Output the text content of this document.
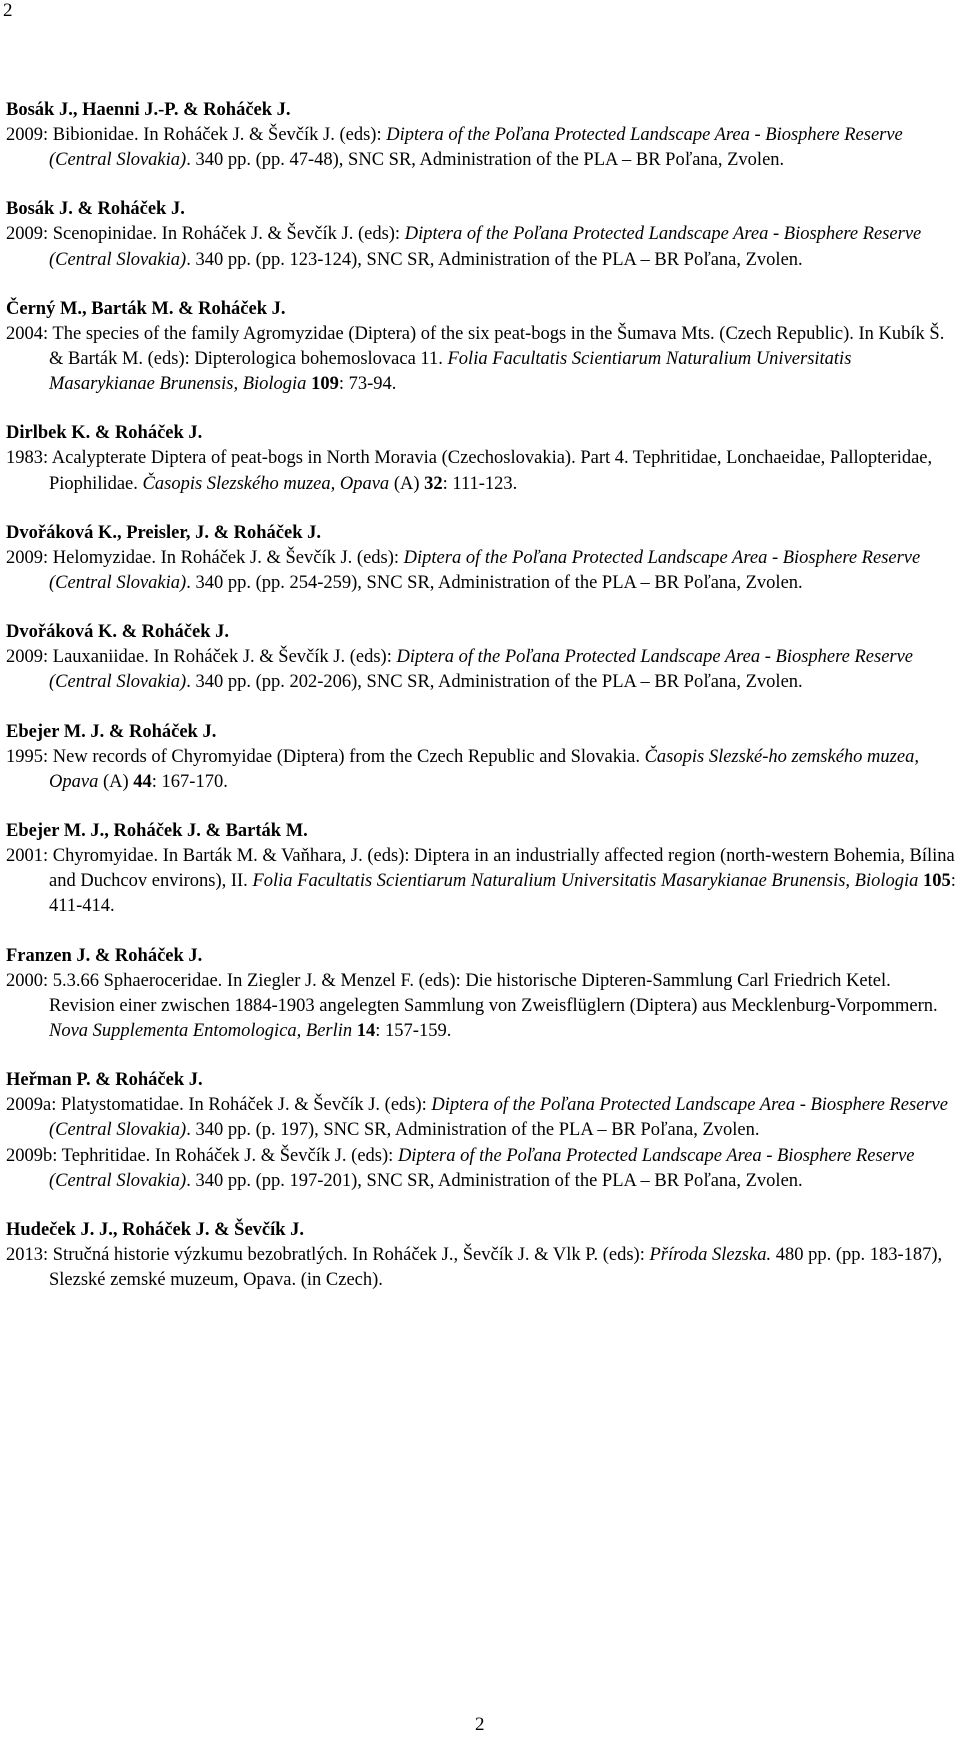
2
Bosák J., Haenni J.-P. & Roháček J.
2009: Bibionidae. In Roháček J. & Ševčík J. (eds): Diptera of the Poľana Protected Landscape Area - Biosphere Reserve (Central Slovakia). 340 pp. (pp. 47-48), SNC SR, Administration of the PLA – BR Poľana, Zvolen.
Bosák J. & Roháček J.
2009: Scenopinidae. In Roháček J. & Ševčík J. (eds): Diptera of the Poľana Protected Landscape Area - Biosphere Reserve (Central Slovakia). 340 pp. (pp. 123-124), SNC SR, Administration of the PLA – BR Poľana, Zvolen.
Černý M., Barták M. & Roháček J.
2004: The species of the family Agromyzidae (Diptera) of the six peat-bogs in the Šumava Mts. (Czech Republic). In Kubík Š. & Barták M. (eds): Dipterologica bohemoslovaca 11. Folia Facultatis Scientiarum Naturalium Universitatis Masarykianae Brunensis, Biologia 109: 73-94.
Dirlbek K. & Roháček J.
1983: Acalypterate Diptera of peat-bogs in North Moravia (Czechoslovakia). Part 4. Tephritidae, Lonchaeidae, Pallopteridae, Piophilidae. Časopis Slezského muzea, Opava (A) 32: 111-123.
Dvořáková K., Preisler, J. & Roháček J.
2009: Helomyzidae. In Roháček J. & Ševčík J. (eds): Diptera of the Poľana Protected Landscape Area - Biosphere Reserve (Central Slovakia). 340 pp. (pp. 254-259), SNC SR, Administration of the PLA – BR Poľana, Zvolen.
Dvořáková K. & Roháček J.
2009: Lauxaniidae. In Roháček J. & Ševčík J. (eds): Diptera of the Poľana Protected Landscape Area - Biosphere Reserve (Central Slovakia). 340 pp. (pp. 202-206), SNC SR, Administration of the PLA – BR Poľana, Zvolen.
Ebejer M. J. & Roháček J.
1995: New records of Chyromyidae (Diptera) from the Czech Republic and Slovakia. Časopis Slezské-ho zemského muzea, Opava (A) 44: 167-170.
Ebejer M. J., Roháček J. & Barták M.
2001: Chyromyidae. In Barták M. & Vaňhara, J. (eds): Diptera in an industrially affected region (north-western Bohemia, Bílina and Duchcov environs), II. Folia Facultatis Scientiarum Naturalium Universitatis Masarykianae Brunensis, Biologia 105: 411-414.
Franzen J. & Roháček J.
2000: 5.3.66 Sphaeroceridae. In Ziegler J. & Menzel F. (eds): Die historische Dipteren-Sammlung Carl Friedrich Ketel. Revision einer zwischen 1884-1903 angelegten Sammlung von Zweisflüglern (Diptera) aus Mecklenburg-Vorpommern. Nova Supplementa Entomologica, Berlin 14: 157-159.
Heřman P. & Roháček J.
2009a: Platystomatidae. In Roháček J. & Ševčík J. (eds): Diptera of the Poľana Protected Landscape Area - Biosphere Reserve (Central Slovakia). 340 pp. (p. 197), SNC SR, Administration of the PLA – BR Poľana, Zvolen.
2009b: Tephritidae. In Roháček J. & Ševčík J. (eds): Diptera of the Poľana Protected Landscape Area - Biosphere Reserve (Central Slovakia). 340 pp. (pp. 197-201), SNC SR, Administration of the PLA – BR Poľana, Zvolen.
Hudeček J. J., Roháček J. & Ševčík J.
2013: Stručná historie výzkumu bezobratlých. In Roháček J., Ševčík J. & Vlk P. (eds): Příroda Slezska. 480 pp. (pp. 183-187), Slezské zemské muzeum, Opava. (in Czech).
2
